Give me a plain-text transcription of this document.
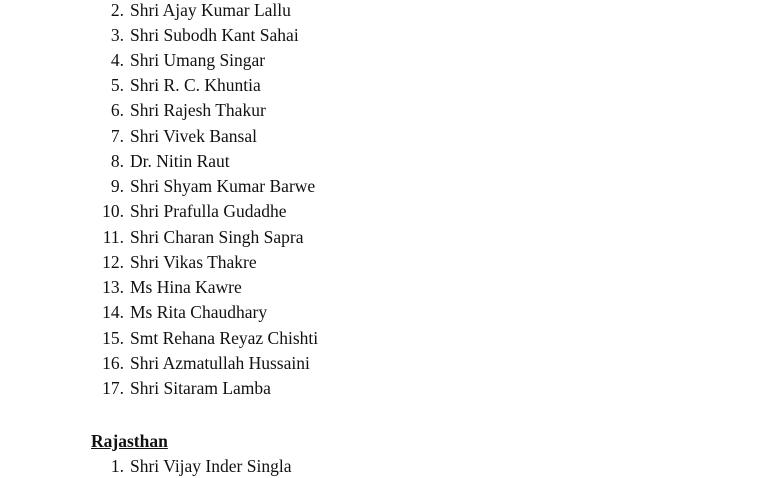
2. Shri Ajay Kumar Lallu
3. Shri Subodh Kant Sahai
4. Shri Umang Singar
5. Shri R. C. Khuntia
6. Shri Rajesh Thakur
7. Shri Vivek Bansal
8. Dr. Nitin Raut
9. Shri Shyam Kumar Barwe
10. Shri Prafulla Gudadhe
11. Shri Charan Singh Sapra
12. Shri Vikas Thakre
13. Ms Hina Kawre
14. Ms Rita Chaudhary
15. Smt Rehana Reyaz Chishti
16. Shri Azmatullah Hussaini
17. Shri Sitaram Lamba
Rajasthan
1. Shri Vijay Inder Singla
